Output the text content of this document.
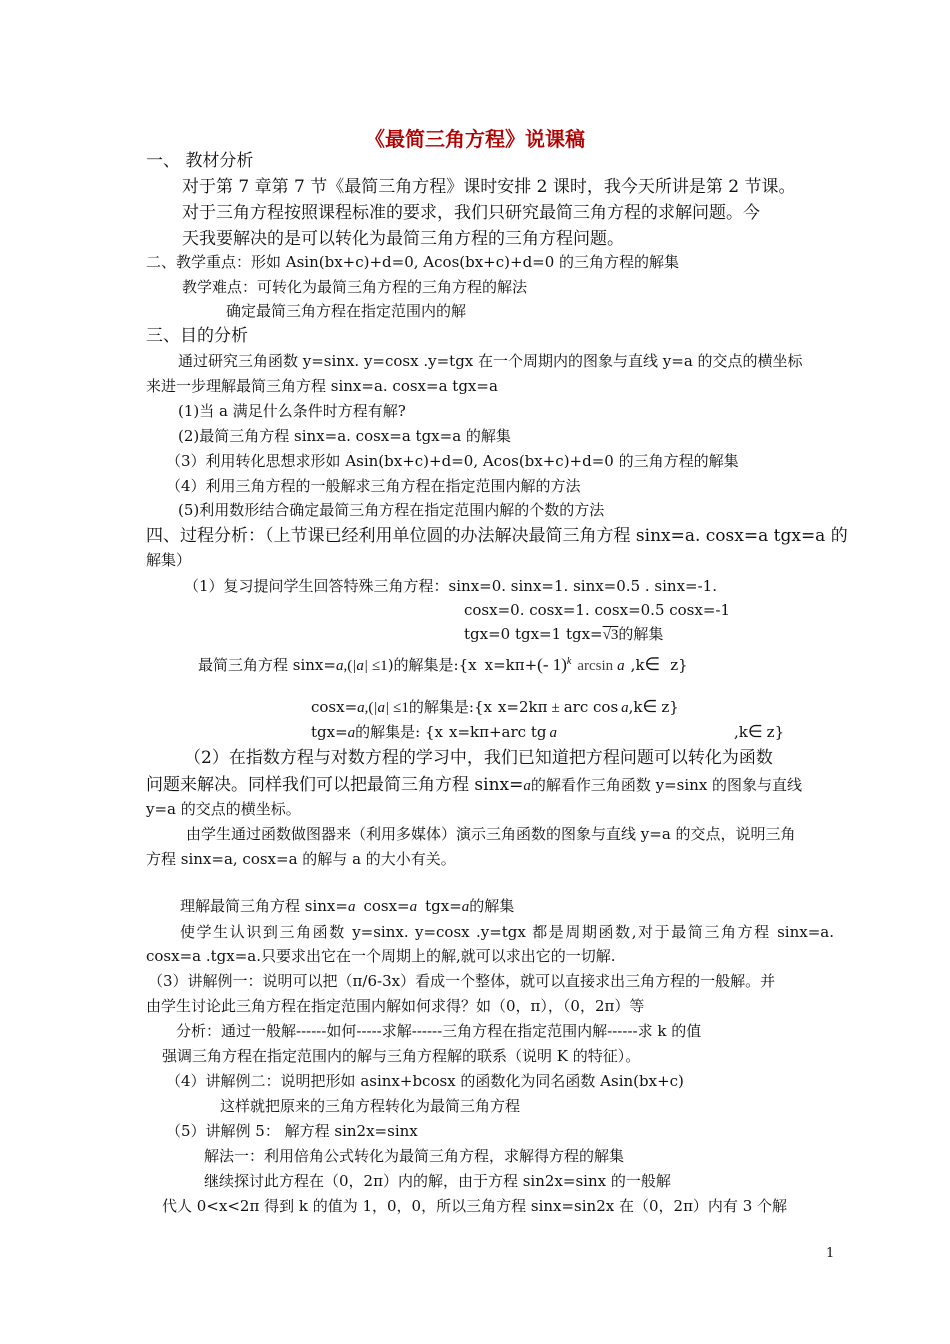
《最简三角方程》说课稿
一、 教材分析
对于第 7 章第 7 节《最简三角方程》课时安排 2 课时，我今天所讲是第 2 节课。
对于三角方程按照课程标准的要求，我们只研究最简三角方程的求解问题。今
天我要解决的是可以转化为最简三角方程的三角方程问题。
二、教学重点：形如 Asin(bx+c)+d=0, Acos(bx+c)+d=0 的三角方程的解集
教学难点：可转化为最简三角方程的三角方程的解法
确定最简三角方程在指定范围内的解
三、目的分析
通过研究三角函数 y=sinx. y=cosx .y=tgx 在一个周期内的图象与直线 y=a 的交点的横坐标
来进一步理解最简三角方程 sinx=a. cosx=a tgx=a
(1)当 a 满足什么条件时方程有解?
(2)最简三角方程 sinx=a. cosx=a tgx=a 的解集
（3）利用转化思想求形如 Asin(bx+c)+d=0, Acos(bx+c)+d=0 的三角方程的解集
（4）利用三角方程的一般解求三角方程在指定范围内解的方法
(5)利用数形结合确定最简三角方程在指定范围内解的个数的方法
四、过程分析：（上节课已经利用单位圆的办法解决最简三角方程 sinx=a. cosx=a tgx=a 的
解集）
（1）复习提问学生回答特殊三角方程：sinx=0. sinx=1. sinx=0.5 . sinx=-1.
cosx=0. cosx=1. cosx=0.5 cosx=-1
tgx=0 tgx=1 tgx=√3的解集
最简三角方程 sinx=a,(|a| ≤1)的解集是:{x x=kπ+(- 1)$^k$ arcsin a ,k∈ z}
cosx=a,(|a| ≤1的解集是:{x x=2kπ ± arc cos a,k∈ z}
tgx=a的解集是: {x x=kπ+arc tg a	,k∈ z}
（2）在指数方程与对数方程的学习中，我们已知道把方程问题可以转化为函数
问题来解决。同样我们可以把最简三角方程 sinx=a的解看作三角函数 y=sinx 的图象与直线
y=a 的交点的横坐标。
由学生通过函数做图器来（利用多媒体）演示三角函数的图象与直线 y=a 的交点，说明三角
方程 sinx=a, cosx=a 的解与 a 的大小有关。
理解最简三角方程 sinx=a cosx=a tgx=a的解集
使学生认识到三角函数 y=sinx. y=cosx .y=tgx 都是周期函数,对于最简三角方程 sinx=a.
cosx=a .tgx=a.只要求出它在一个周期上的解,就可以求出它的一切解.
（3）讲解例一：说明可以把（π/6-3x）看成一个整体，就可以直接求出三角方程的一般解。并
由学生讨论此三角方程在指定范围内解如何求得？如（0，π），（0，2π）等
分析：通过一般解------如何-----求解------三角方程在指定范围内解------求 k 的值
强调三角方程在指定范围内的解与三角方程解的联系（说明 K 的特征）。
（4）讲解例二：说明把形如 asinx+bcosx 的函数化为同名函数 Asin(bx+c)
这样就把原来的三角方程转化为最简三角方程
（5）讲解例 5： 解方程 sin2x=sinx
解法一：利用倍角公式转化为最简三角方程，求解得方程的解集
继续探讨此方程在（0，2π）内的解，由于方程 sin2x=sinx 的一般解
代人 0<x<2π 得到 k 的值为 1，0，0，所以三角方程 sinx=sin2x 在（0，2π）内有 3 个解
1
